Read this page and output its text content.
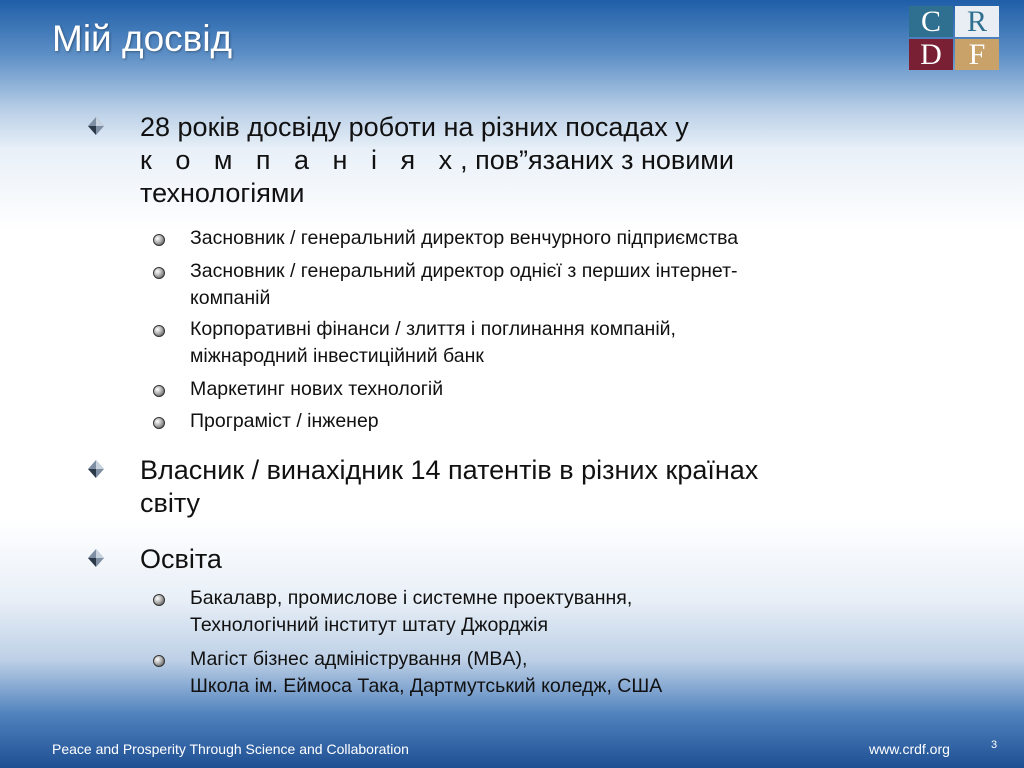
Мій досвід	C R
D F
28 років досвіду роботи на різних посадах у
к о м п а н і я х, пов”язаних з новими
технологіями
Засновник / генеральний директор венчурного підприємства
Засновник / генеральний директор однієї з перших інтернет-
компаній
Корпоративні фінанси / злиття і поглинання компаній,
міжнародний інвестиційний банк
Маркетинг нових технологій
Програміст / інженер
Власник / винахідник 14 патентів в різних країнах
світу
Освіта
Бакалавр, промислове і системне проектування,
Технологічний інститут штату Джорджія
Магіст бізнес адміністрування (MBA),
Школа ім. Еймоса Така, Дартмутський коледж, США
Peace and Prosperity Through Science and Collaboration	www.crdf.org	3
